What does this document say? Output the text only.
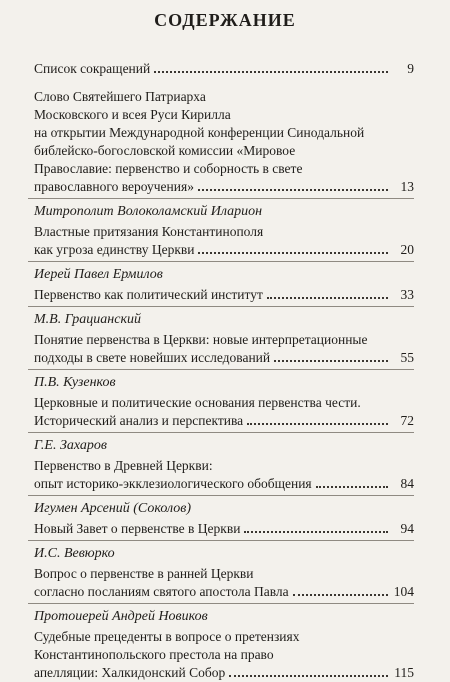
СОДЕРЖАНИЕ
Список сокращений	9
Слово Святейшего Патриарха
Московского и всея Руси Кирилла
на открытии Международной конференции Синодальной
библейско-богословской комиссии «Мировое
Православие: первенство и соборность в свете
православного вероучения»	13
Митрополит Волоколамский Иларион
Властные притязания Константинополя
как угроза единству Церкви	20
Иерей Павел Ермилов
Первенство как политический институт	33
М.В. Грацианский
Понятие первенства в Церкви: новые интерпретационные
подходы в свете новейших исследований	55
П.В. Кузенков
Церковные и политические основания первенства чести.
Исторический анализ и перспектива	72
Г.Е. Захаров
Первенство в Древней Церкви:
опыт историко-экклезиологического обобщения	84
Игумен Арсений (Соколов)
Новый Завет о первенстве в Церкви	94
И.С. Вевюрко
Вопрос о первенстве в ранней Церкви
согласно посланиям святого апостола Павла	104
Протоиерей Андрей Новиков
Судебные прецеденты в вопросе о претензиях
Константинопольского престола на право
апелляции: Халкидонский Собор	115
